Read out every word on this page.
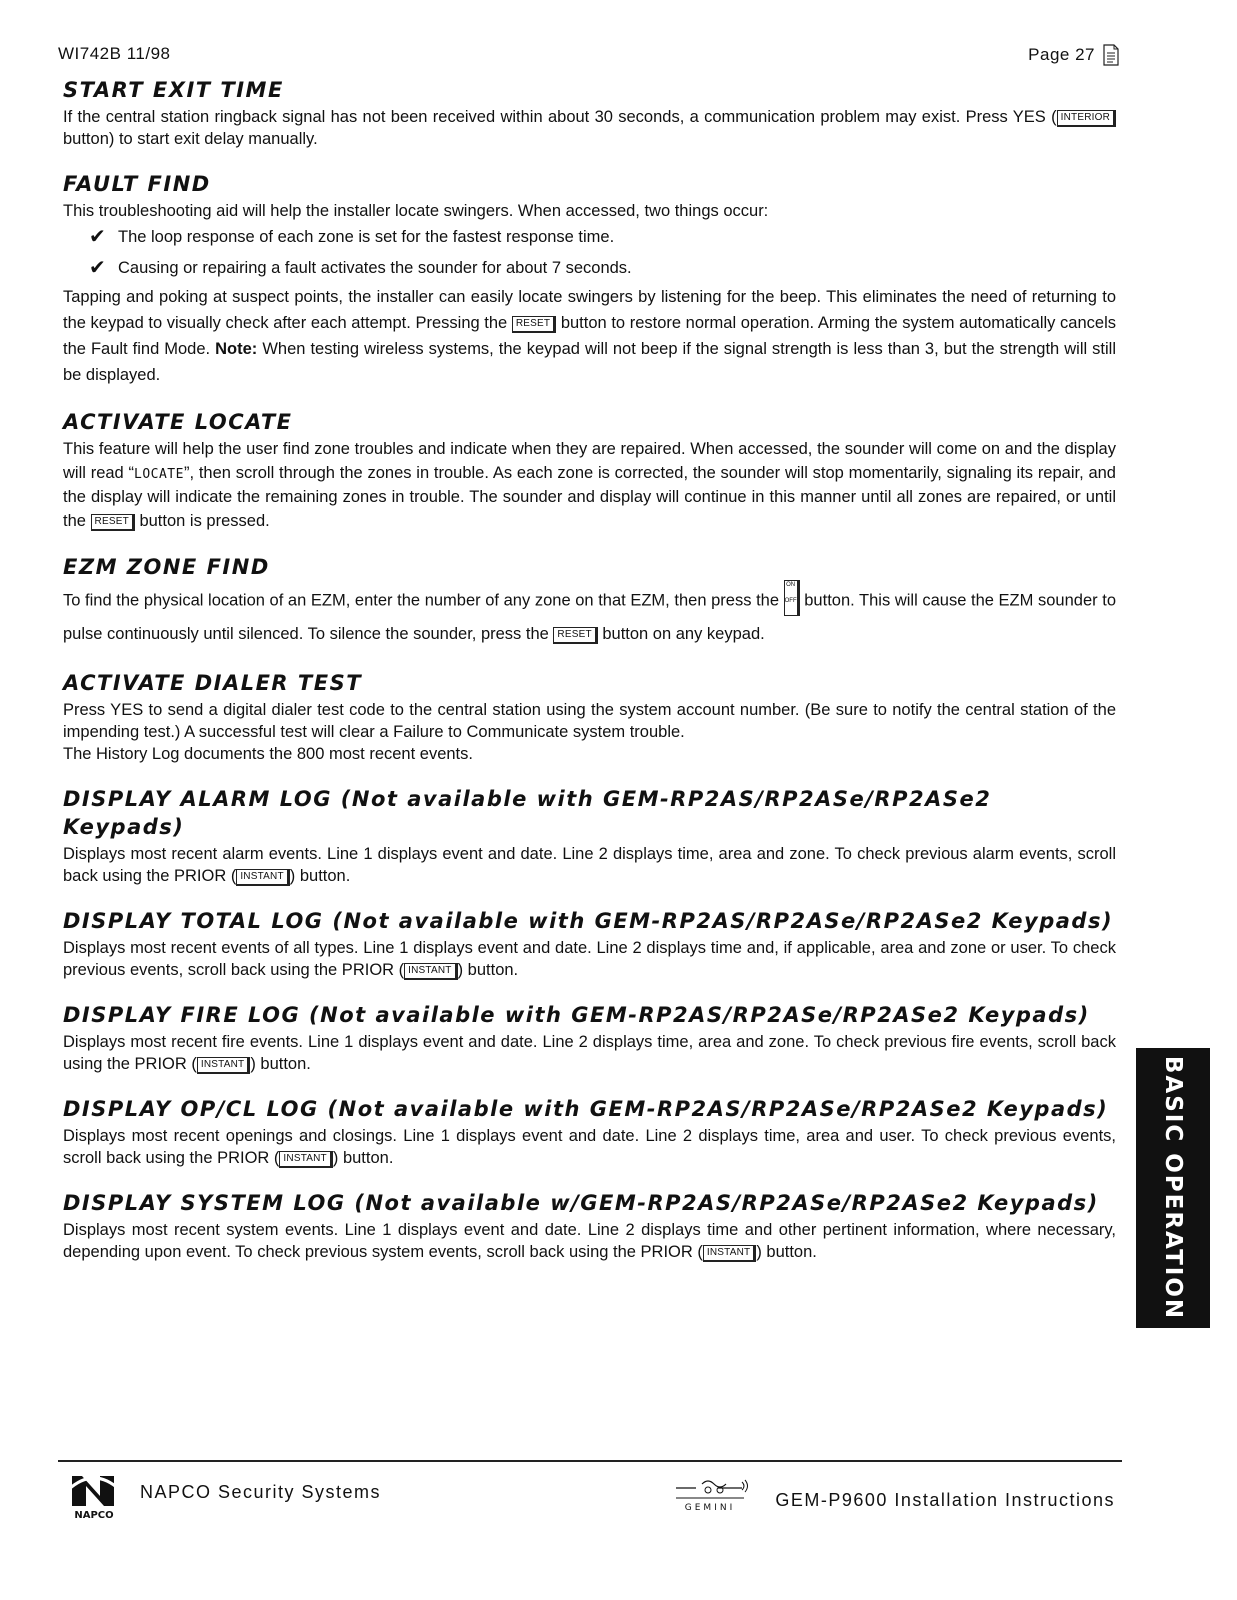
WI742B 11/98	Page 27
START EXIT TIME

If the central station ringback signal has not been received within about 30 seconds, a communication problem may exist. Press YES ( INTERIOR button) to start exit delay manually.

FAULT FIND

This troubleshooting aid will help the installer locate swingers. When accessed, two things occur:

✔ The loop response of each zone is set for the fastest response time.
✔ Causing or repairing a fault activates the sounder for about 7 seconds.

Tapping and poking at suspect points, the installer can easily locate swingers by listening for the beep. This eliminates the need of returning to the keypad to visually check after each attempt. Pressing the RESET button to restore normal operation. Arming the system automatically cancels the Fault find Mode. Note: When testing wireless systems, the keypad will not beep if the signal strength is less than 3, but the strength will still be displayed.

ACTIVATE LOCATE

This feature will help the user find zone troubles and indicate when they are repaired. When accessed, the sounder will come on and the display will read “LOCATE”, then scroll through the zones in trouble. As each zone is corrected, the sounder will stop momentarily, signaling its repair, and the display will indicate the remaining zones in trouble. The sounder and display will continue in this manner until all zones are repaired, or until the RESET button is pressed.

EZM ZONE FIND

To find the physical location of an EZM, enter the number of any zone on that EZM, then press the ON

OFF button. This will cause the EZM sounder to pulse continuously until silenced. To silence the sounder, press the RESET button on any keypad.

ACTIVATE DIALER TEST

Press YES to send a digital dialer test code to the central station using the system account number. (Be sure to notify the central station of the impending test.) A successful test will clear a Failure to Communicate system trouble.

The History Log documents the 800 most recent events.

DISPLAY ALARM LOG (Not available with GEM-RP2AS/RP2ASe/RP2ASe2 Keypads)

Displays most recent alarm events. Line 1 displays event and date. Line 2 displays time, area and zone. To check previous alarm events, scroll back using the PRIOR ( INSTANT ) button.

DISPLAY TOTAL LOG (Not available with GEM-RP2AS/RP2ASe/RP2ASe2 Keypads)

Displays most recent events of all types. Line 1 displays event and date. Line 2 displays time and, if applicable, area and zone or user. To check previous events, scroll back using the PRIOR ( INSTANT ) button.

DISPLAY FIRE LOG (Not available with GEM-RP2AS/RP2ASe/RP2ASe2 Keypads)

Displays most recent fire events. Line 1 displays event and date. Line 2 displays time, area and zone. To check previous fire events, scroll back using the PRIOR ( INSTANT ) button.

DISPLAY OP/CL LOG (Not available with GEM-RP2AS/RP2ASe/RP2ASe2 Keypads)

Displays most recent openings and closings. Line 1 displays event and date. Line 2 displays time, area and user. To check previous events, scroll back using the PRIOR ( INSTANT ) button.

DISPLAY SYSTEM LOG (Not available w/GEM-RP2AS/RP2ASe/RP2ASe2 Keypads)

Displays most recent system events. Line 1 displays event and date. Line 2 displays time and other pertinent information, where necessary, depending upon event. To check previous system events, scroll back using the PRIOR ( INSTANT ) button.	BASIC OPERATION
NAPCO
NAPCO Security Systems
GEMINI GEM-P9600 Installation Instructions
